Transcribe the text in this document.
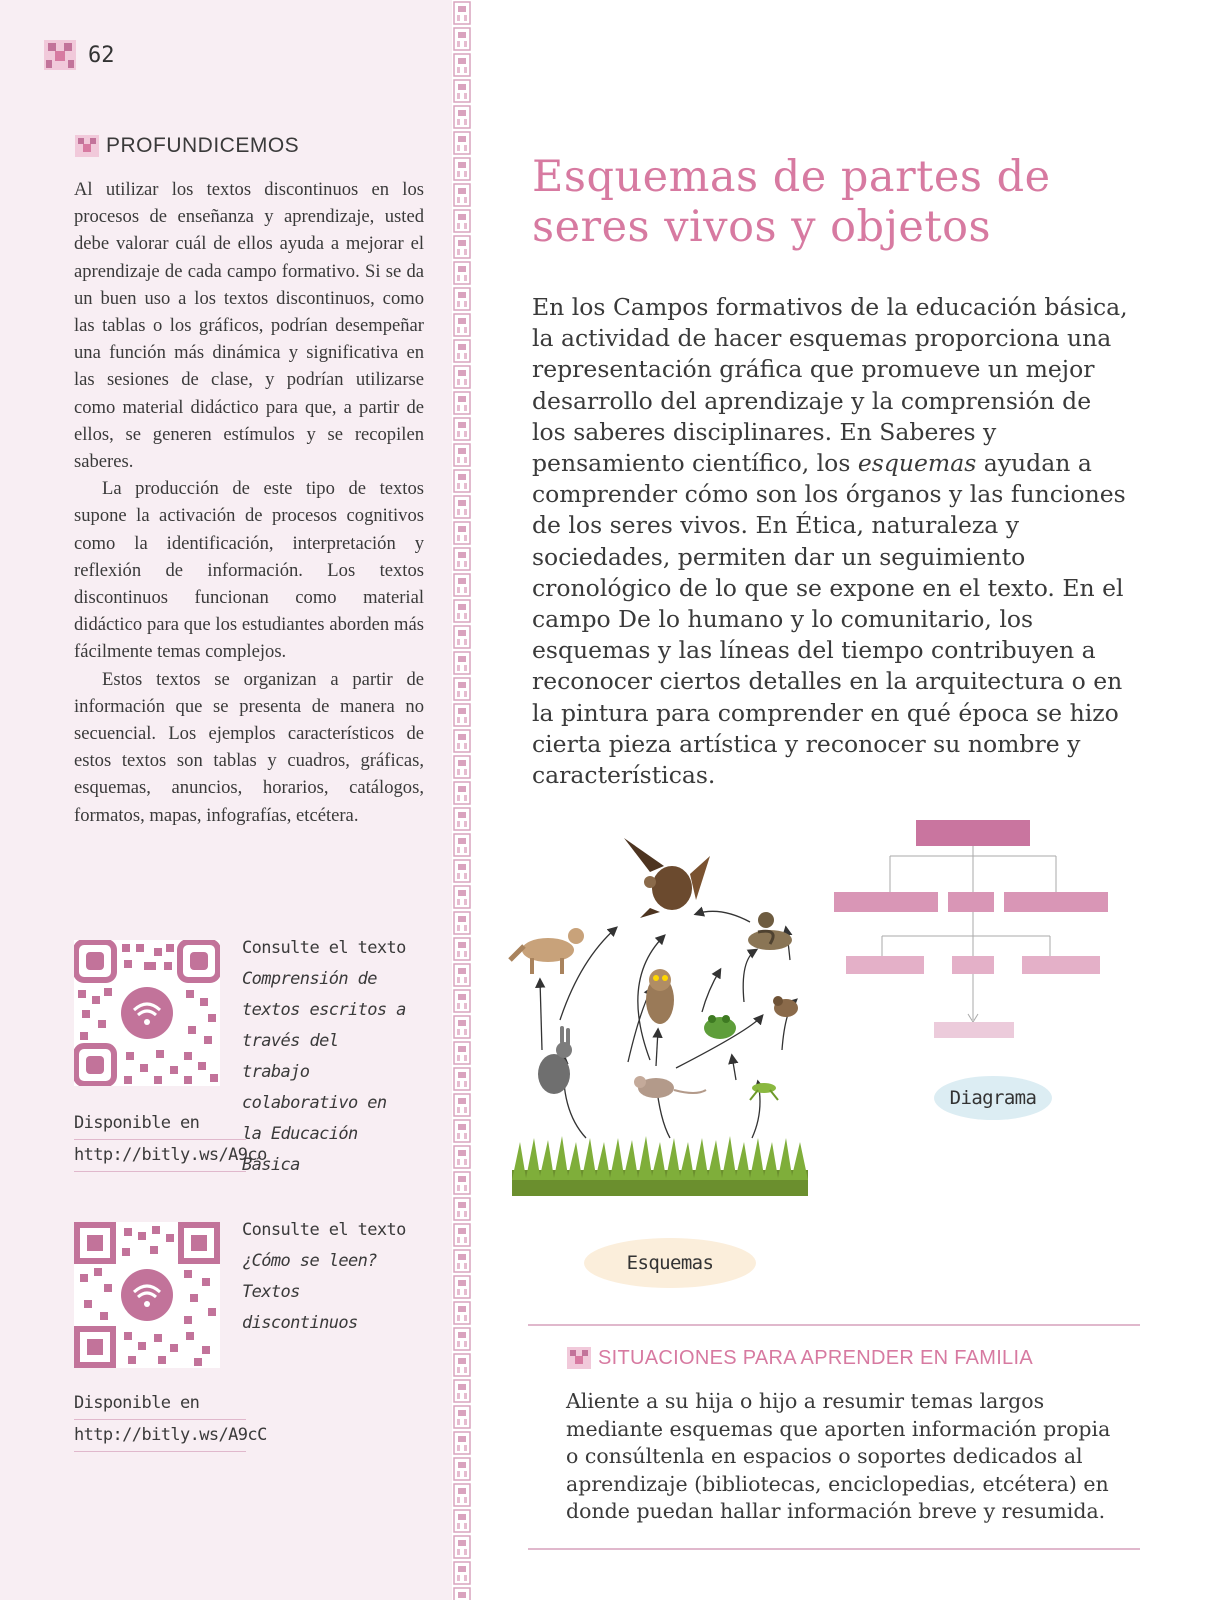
62
PROFUNDICEMOS

Al utilizar los textos discontinuos en los procesos de enseñanza y aprendizaje, usted debe valorar cuál de ellos ayuda a mejorar el aprendizaje de cada campo formativo. Si se da un buen uso a los textos discontinuos, como las tablas o los gráficos, podrían desempeñar una función más dinámica y significativa en las sesiones de clase, y podrían utilizarse como material didáctico para que, a partir de ellos, se generen estímulos y se recopilen saberes.

La producción de este tipo de textos supone la activación de procesos cognitivos como la identificación, interpretación y reflexión de información. Los textos discontinuos funcionan como material didáctico para que los estudiantes aborden más fácilmente temas complejos.

Estos textos se organizan a partir de información que se presenta de manera no secuencial. Los ejemplos característicos de estos textos son tablas y cuadros, gráficas, esquemas, anuncios, horarios, catálogos, formatos, mapas, infografías, etcétera.

Consulte el texto
Comprensión de textos escritos a través del trabajo colaborativo en la Educación Básica
Disponible en
http://bitly.ws/A9co
Consulte el texto
¿Cómo se leen? Textos discontinuos
Disponible en
http://bitly.ws/A9cC
Esquemas de partes de seres vivos y objetos

En los Campos formativos de la educación básica, la actividad de hacer esquemas proporciona una representación gráfica que promueve un mejor desarrollo del aprendizaje y la comprensión de los saberes disciplinares. En Saberes y pensamiento científico, los esquemas ayudan a comprender cómo son los órganos y las funciones de los seres vivos. En Ética, naturaleza y sociedades, permiten dar un seguimiento cronológico de lo que se expone en el texto. En el campo De lo humano y lo comunitario, los esquemas y las líneas del tiempo contribuyen a reconocer ciertos detalles en la arquitectura o en la pintura para comprender en qué época se hizo cierta pieza artística y reconocer su nombre y características.

Esquemas
Diagrama
SITUACIONES PARA APRENDER EN FAMILIA

Aliente a su hija o hijo a resumir temas largos mediante esquemas que aporten información propia o consúltenla en espacios o soportes dedicados al aprendizaje (bibliotecas, enciclopedias, etcétera) en donde puedan hallar información breve y resumida.
